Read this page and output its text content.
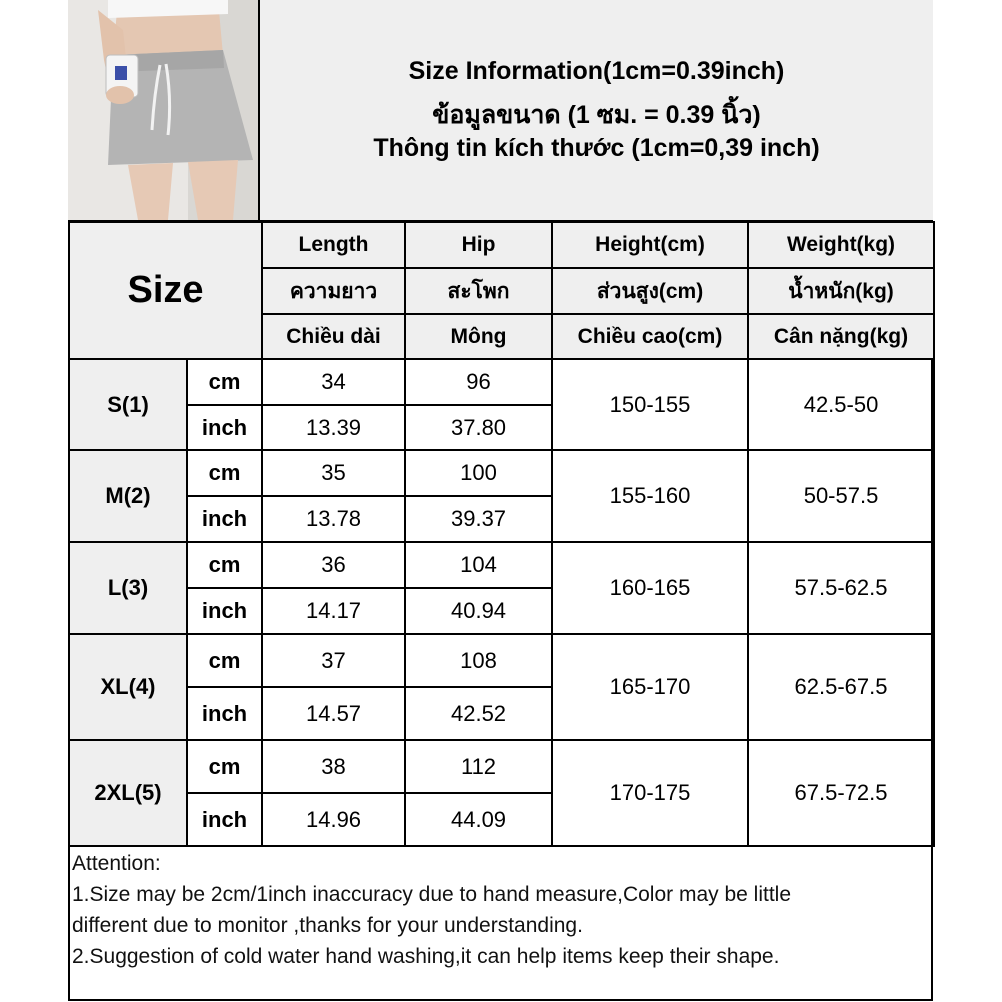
Size Information(1cm=0.39inch)
ข้อมูลขนาด (1 ซม. = 0.39 นิ้ว)
Thông tin kích thước (1cm=0,39 inch)
Size		Length	Hip	Height(cm)	Weight(kg)
		ความยาว	สะโพก	ส่วนสูง(cm)	น้ำหนัก(kg)
		Chiều dài	Mông	Chiều cao(cm)	Cân nặng(kg)
S(1)	cm	34	96	150-155	42.5-50
	inch	13.39	37.80		
M(2)	cm	35	100	155-160	50-57.5
	inch	13.78	39.37		
L(3)	cm	36	104	160-165	57.5-62.5
	inch	14.17	40.94		
XL(4)	cm	37	108	165-170	62.5-67.5
	inch	14.57	42.52		
2XL(5)	cm	38	112	170-175	67.5-72.5
	inch	14.96	44.09		
Attention:
1.Size may be 2cm/1inch inaccuracy due to hand measure,Color may be little
different due to monitor ,thanks for your understanding.
2.Suggestion of cold water hand washing,it can help items keep their shape.
